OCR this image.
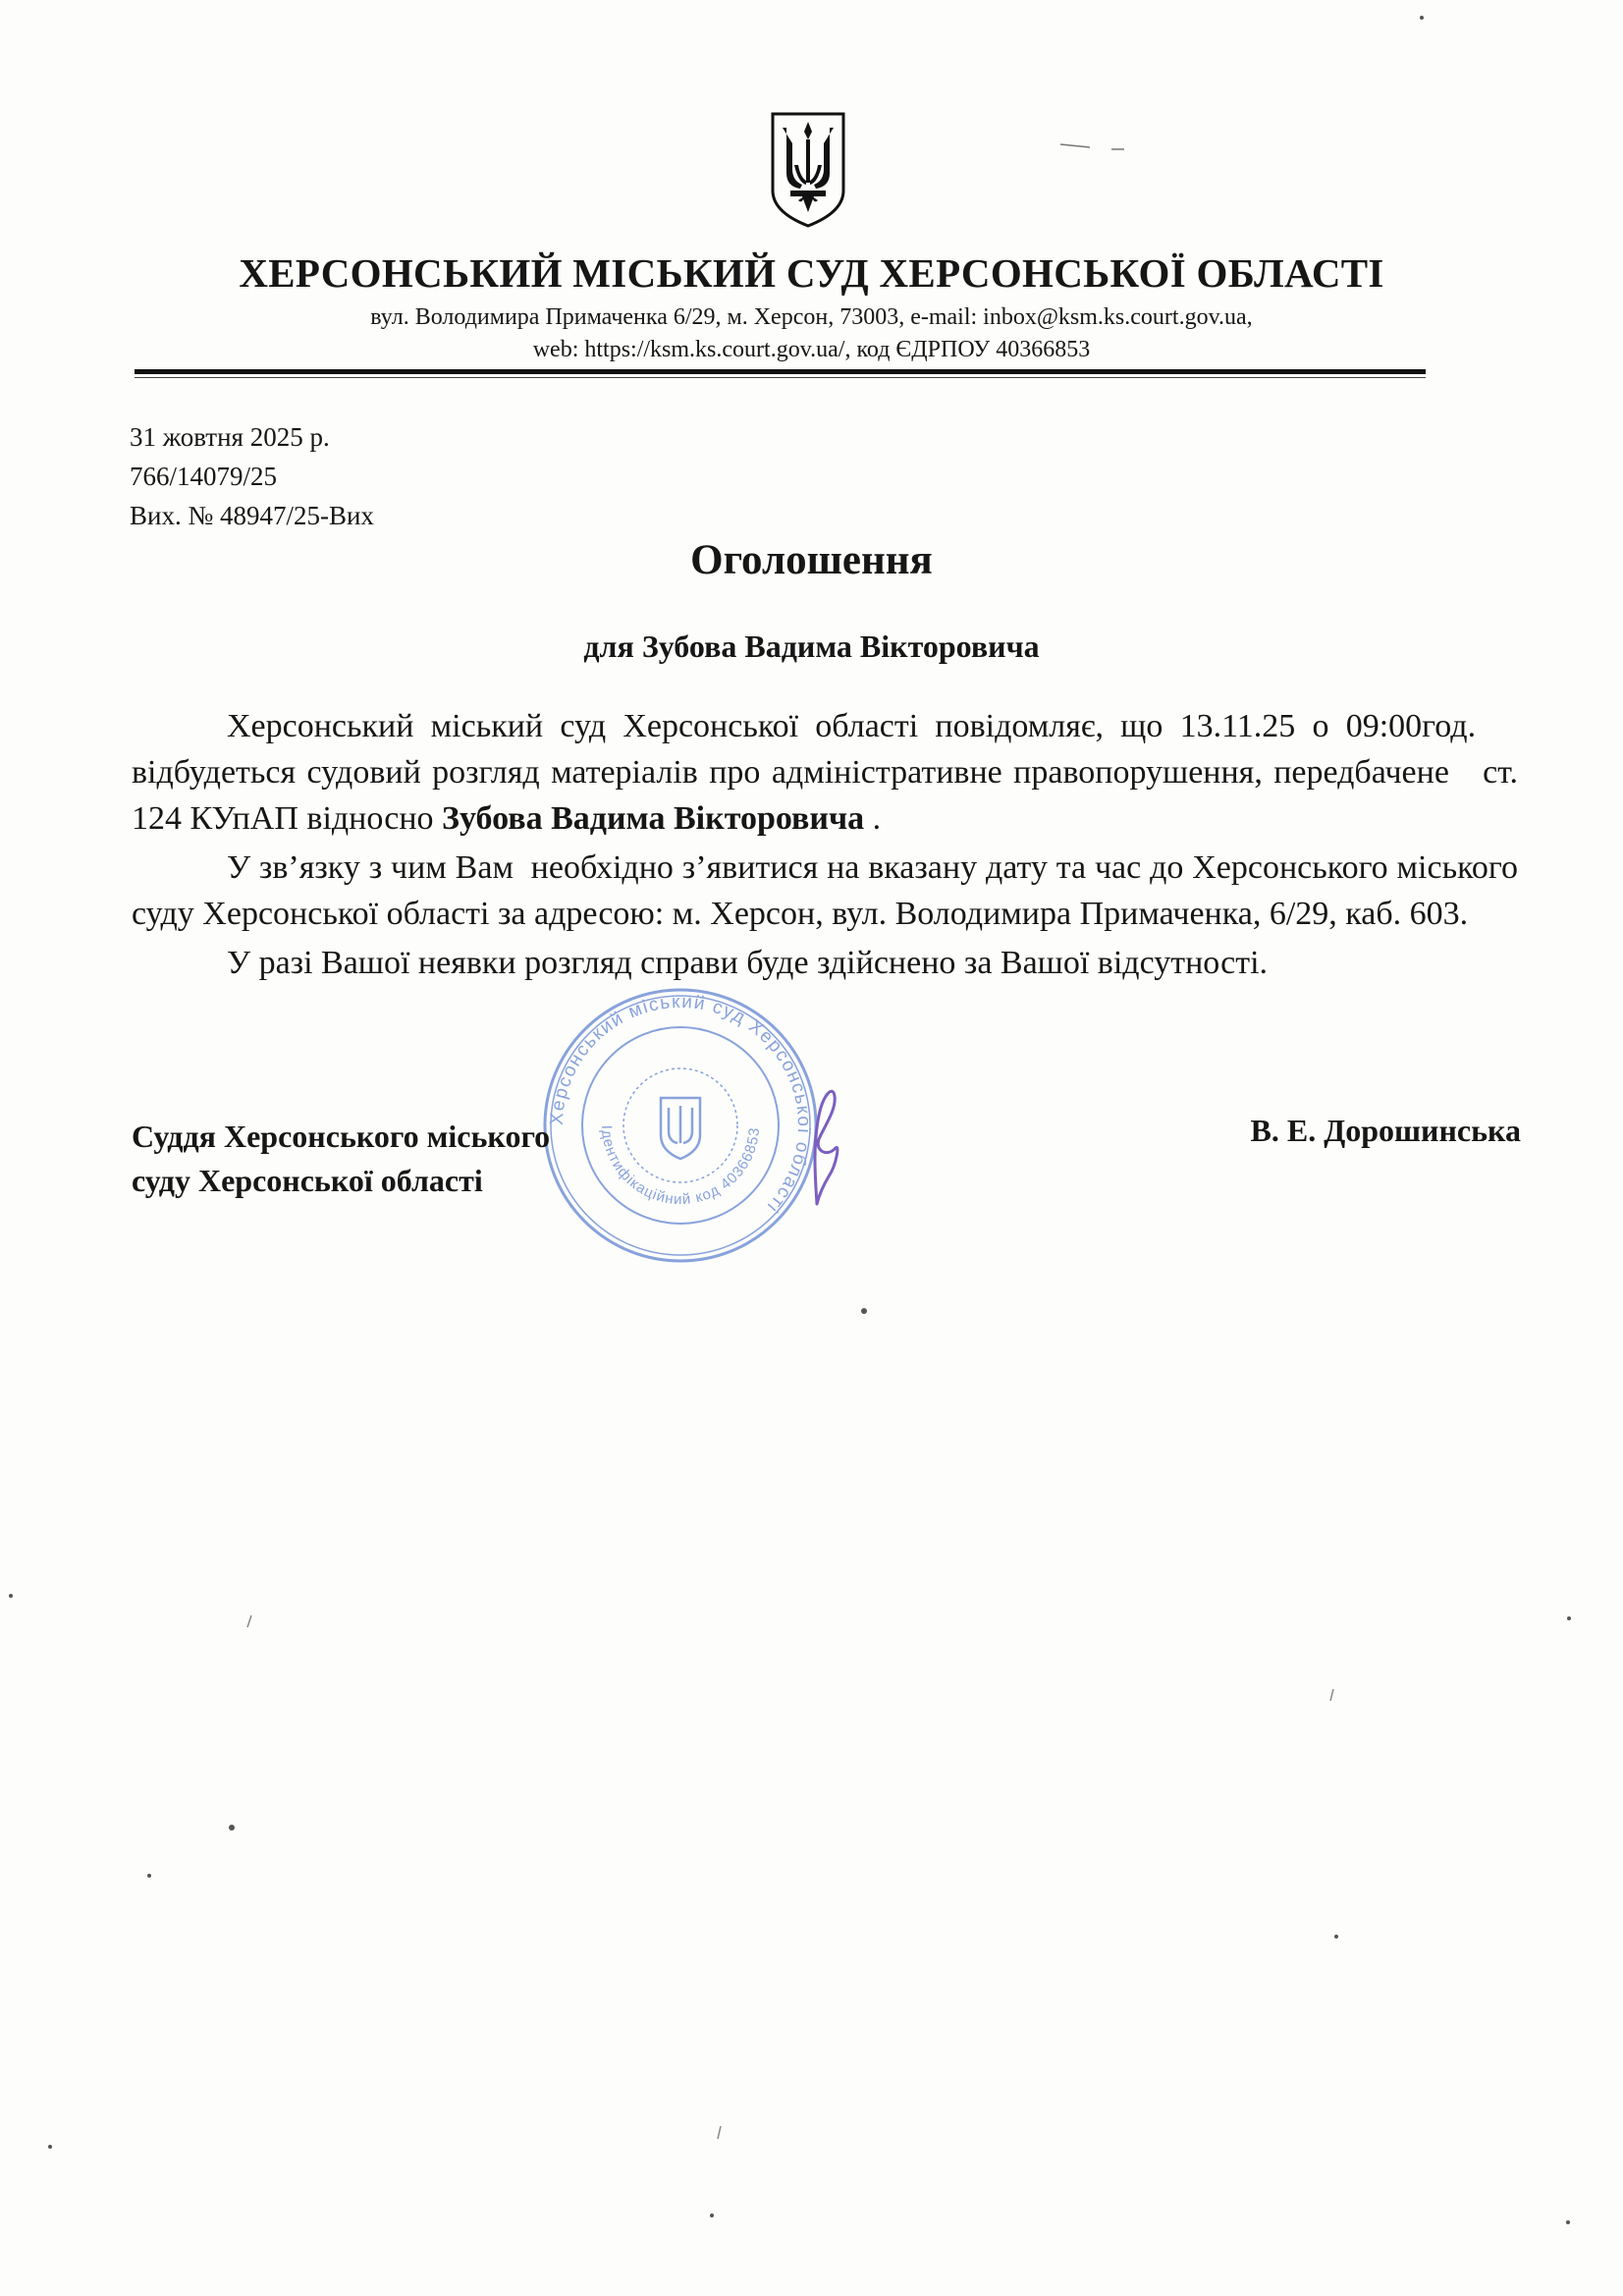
ХЕРСОНСЬКИЙ МІСЬКИЙ СУД ХЕРСОНСЬКОЇ ОБЛАСТІ
вул. Володимира Примаченка 6/29, м. Херсон, 73003, e-mail: inbox@ksm.ks.court.gov.ua,
web: https://ksm.ks.court.gov.ua/, код ЄДРПОУ 40366853
31 жовтня 2025 р.
766/14079/25
Вих. № 48947/25-Вих
Оголошення
для Зубова Вадима Вікторовича

Херсонський міський суд Херсонської області повідомляє, що 13.11.25 о 09:00год.    відбудеться судовий розгляд матеріалів про адміністративне правопорушення, передбачене   ст. 124 КУпАП відносно Зубова Вадима Вікторовича .

У зв’язку з чим Вам  необхідно з’явитися на вказану дату та час до Херсонського міського суду Херсонської області за адресою: м. Херсон, вул. Володимира Примаченка, 6/29, каб. 603.

У разі Вашої неявки розгляд справи буде здійснено за Вашої відсутності.

Херсонський міський суд Херсонської області
Ідентифікаційний код 40366853
Суддя Херсонського міського
суду Херсонської області
В. Е. Дорошинська
